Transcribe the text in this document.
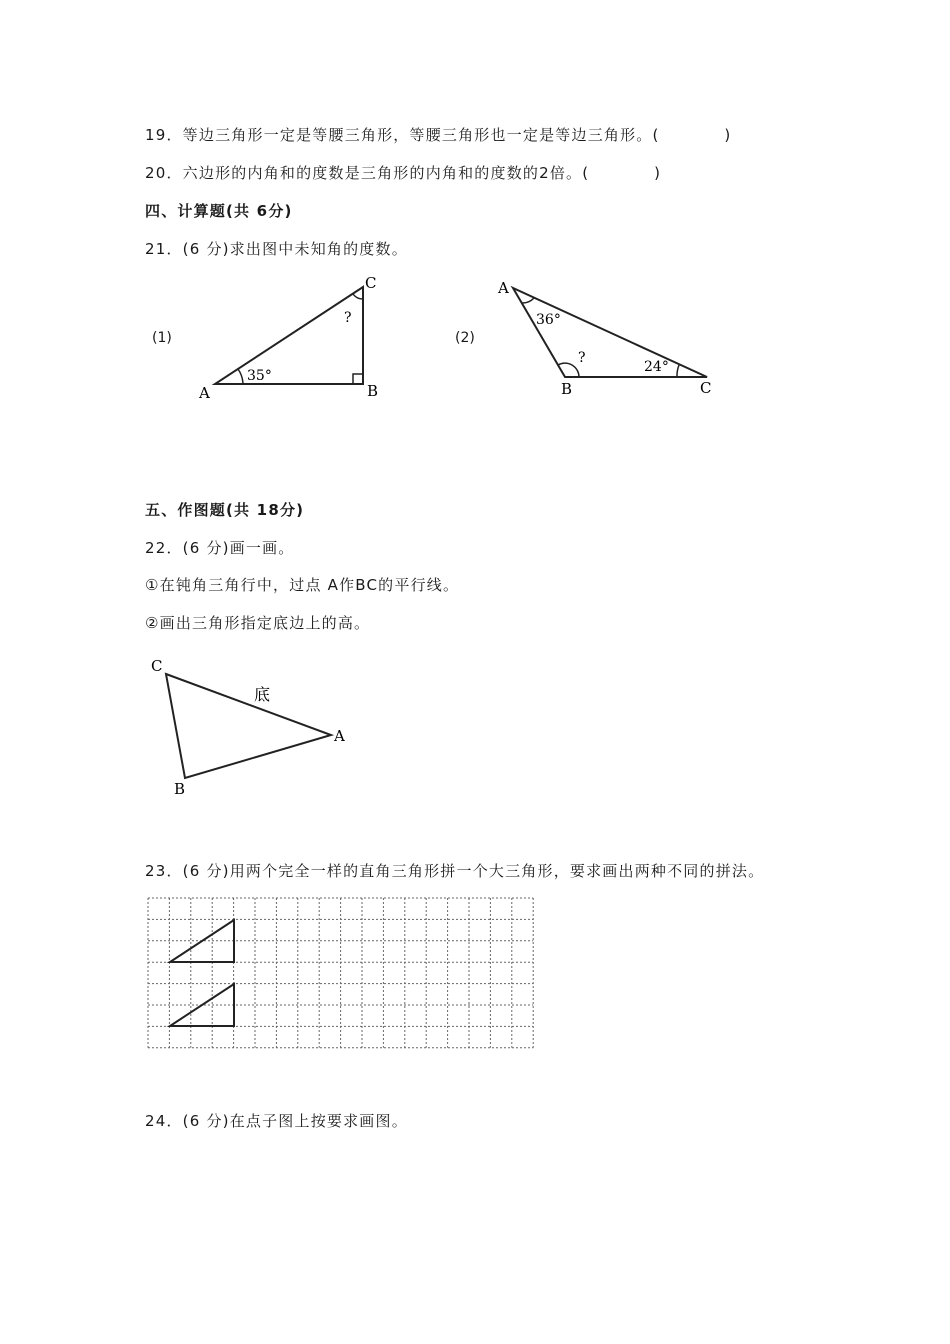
19．等边三角形一定是等腰三角形，等腰三角形也一定是等边三角形。(　　　　)
20．六边形的内角和的度数是三角形的内角和的度数的2倍。(　　　　)
四、计算题(共 6分)
21．(6 分)求出图中未知角的度数。
(1)
A	B
C
35°
?
(2)
A
B	C
36°
24°
?
五、作图题(共 18分)
22．(6 分)画一画。
①在钝角三角行中，过点 A作BC的平行线。
②画出三角形指定底边上的高。
C
A
B
底
23．(6 分)用两个完全一样的直角三角形拼一个大三角形，要求画出两种不同的拼法。
24．(6 分)在点子图上按要求画图。
